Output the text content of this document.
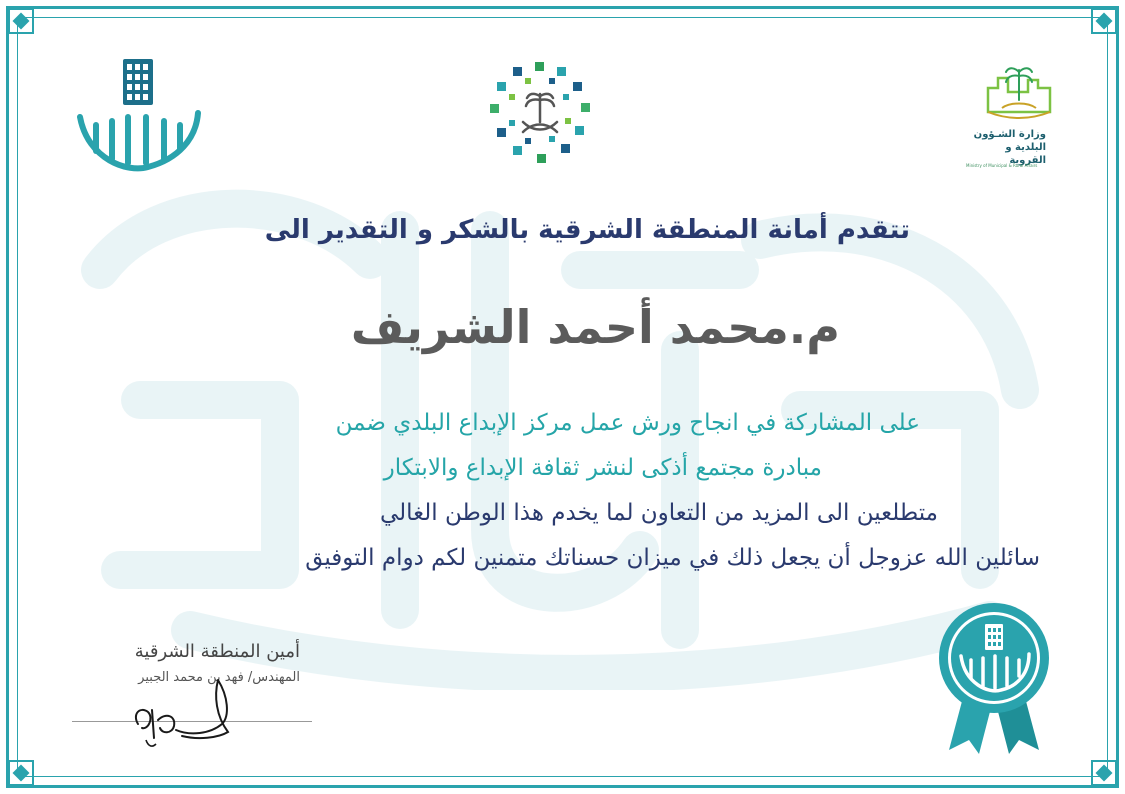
وزارة الشـؤون
البلدية و القروية
Ministry of Municipal & Rural Affairs
تتقدم أمانة المنطقة الشرقية بالشكر و التقدير الى
م.محمد أحمد الشريف
على المشاركة في انجاح ورش عمل مركز الإبداع البلدي ضمن
مبادرة مجتمع أذكى لنشر ثقافة الإبداع والابتكار
متطلعين الى المزيد من التعاون لما يخدم هذا الوطن الغالي
سائلين الله عزوجل أن يجعل ذلك في ميزان حسناتك متمنين لكم دوام التوفيق
أمين المنطقة الشرقية
المهندس/ فهد بن محمد الجبير
